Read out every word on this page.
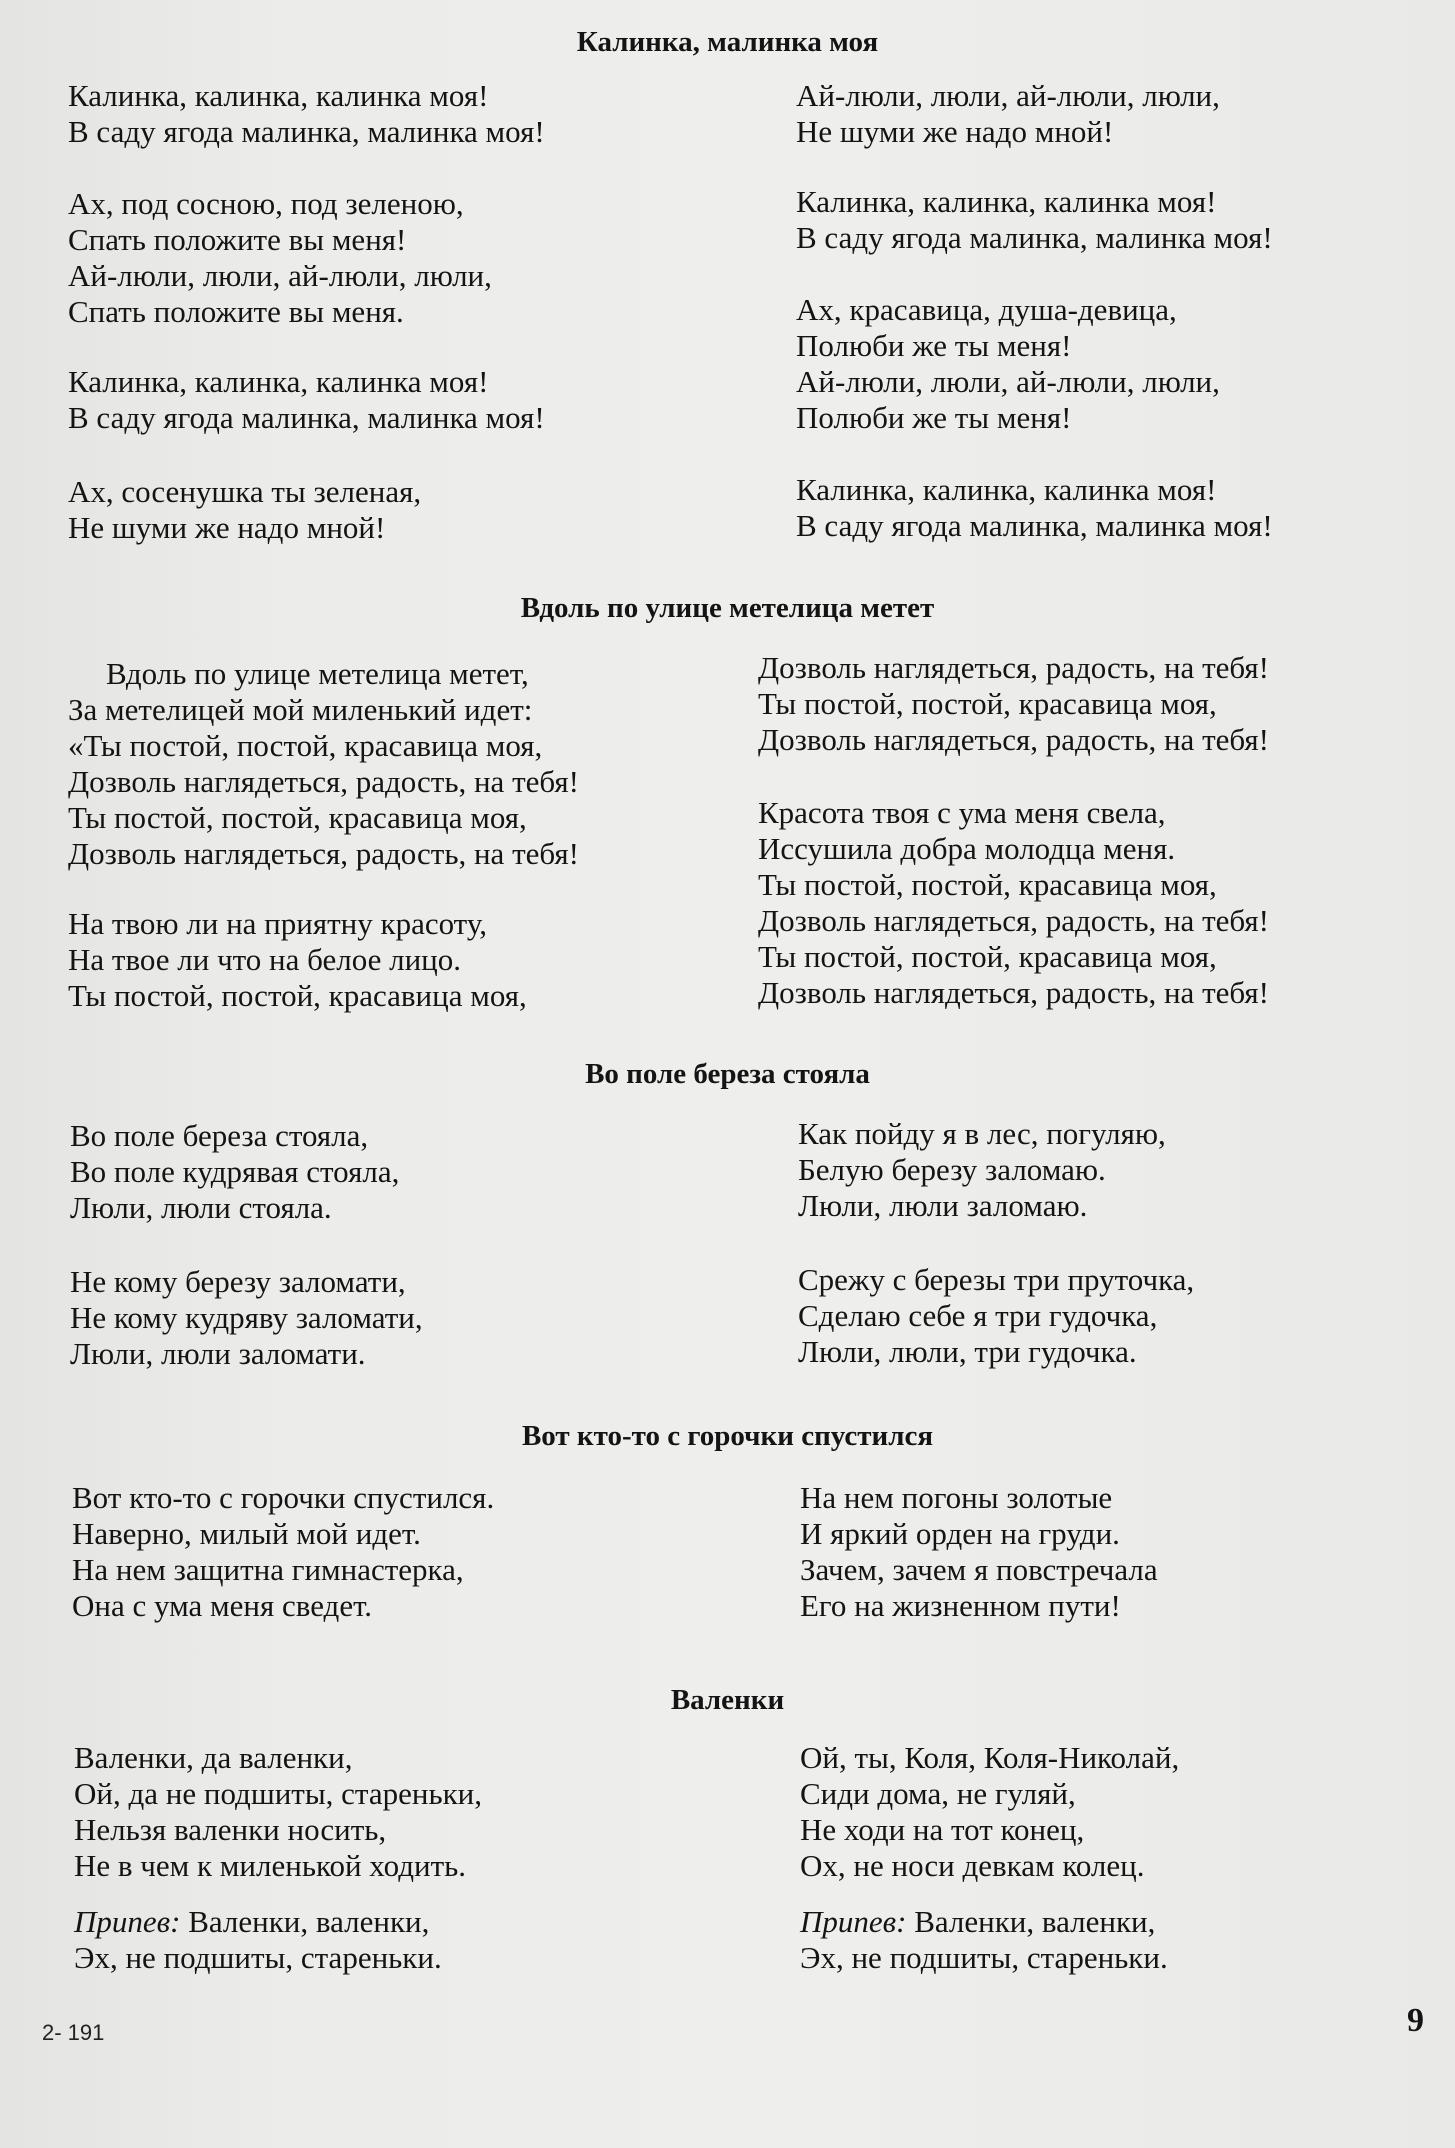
Калинка, малинка моя
Калинка, калинка, калинка моя!
В саду ягода малинка, малинка моя!
Ах, под сосною, под зеленою,
Спать положите вы меня!
Ай-люли, люли, ай-люли, люли,
Спать положите вы меня.
Калинка, калинка, калинка моя!
В саду ягода малинка, малинка моя!
Ах, сосенушка ты зеленая,
Не шуми же надо мной!
Ай-люли, люли, ай-люли, люли,
Не шуми же надо мной!
Калинка, калинка, калинка моя!
В саду ягода малинка, малинка моя!
Ах, красавица, душа-девица,
Полюби же ты меня!
Ай-люли, люли, ай-люли, люли,
Полюби же ты меня!
Калинка, калинка, калинка моя!
В саду ягода малинка, малинка моя!
Вдоль по улице метелица метет
Вдоль по улице метелица метет,
За метелицей мой миленький идет:
«Ты постой, постой, красавица моя,
Дозволь наглядеться, радость, на тебя!
Ты постой, постой, красавица моя,
Дозволь наглядеться, радость, на тебя!
На твою ли на приятну красоту,
На твое ли что на белое лицо.
Ты постой, постой, красавица моя,
Дозволь наглядеться, радость, на тебя!
Ты постой, постой, красавица моя,
Дозволь наглядеться, радость, на тебя!
Красота твоя с ума меня свела,
Иссушила добра молодца меня.
Ты постой, постой, красавица моя,
Дозволь наглядеться, радость, на тебя!
Ты постой, постой, красавица моя,
Дозволь наглядеться, радость, на тебя!
Во поле береза стояла
Во поле береза стояла,
Во поле кудрявая стояла,
Люли, люли стояла.
Не кому березу заломати,
Не кому кудряву заломати,
Люли, люли заломати.
Как пойду я в лес, погуляю,
Белую березу заломаю.
Люли, люли заломаю.
Срежу с березы три пруточка,
Сделаю себе я три гудочка,
Люли, люли, три гудочка.
Вот кто-то с горочки спустился
Вот кто-то с горочки спустился.
Наверно, милый мой идет.
На нем защитна гимнастерка,
Она с ума меня сведет.
На нем погоны золотые
И яркий орден на груди.
Зачем, зачем я повстречала
Его на жизненном пути!
Валенки
Валенки, да валенки,
Ой, да не подшиты, стареньки,
Нельзя валенки носить,
Не в чем к миленькой ходить.
Припев: Валенки, валенки,
Эх, не подшиты, стареньки.
Ой, ты, Коля, Коля-Николай,
Сиди дома, не гуляй,
Не ходи на тот конец,
Ох, не носи девкам колец.
Припев: Валенки, валенки,
Эх, не подшиты, стареньки.
2- 191	9
